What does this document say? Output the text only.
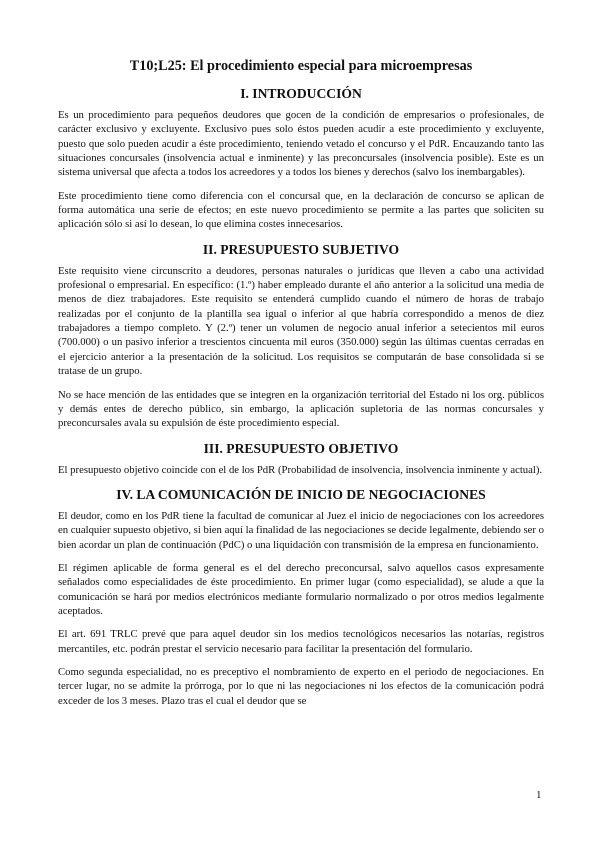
T10;L25: El procedimiento especial para microempresas
I. INTRODUCCIÓN

Es un procedimiento para pequeños deudores que gocen de la condición de empresarios o profesionales, de carácter exclusivo y excluyente. Exclusivo pues solo éstos pueden acudir a este procedimiento y excluyente, puesto que solo pueden acudir a éste procedimiento, teniendo vetado el concurso y el PdR. Encauzando tanto las situaciones concursales (insolvencia actual e inminente) y las preconcursales (insolvencia posible). Este es un sistema universal que afecta a todos los acreedores y a todos los bienes y derechos (salvo los inembargables).

Este procedimiento tiene como diferencia con el concursal que, en la declaración de concurso se aplican de forma automática una serie de efectos; en este nuevo procedimiento se permite a las partes que soliciten su aplicación sólo si así lo desean, lo que elimina costes innecesarios.

II. PRESUPUESTO SUBJETIVO

Este requisito viene circunscrito a deudores, personas naturales o jurídicas que lleven a cabo una actividad profesional o empresarial. En específico: (1.º) haber empleado durante el año anterior a la solicitud una media de menos de diez trabajadores. Este requisito se entenderá cumplido cuando el número de horas de trabajo realizadas por el conjunto de la plantilla sea igual o inferior al que habría correspondido a menos de diez trabajadores a tiempo completo. Y (2.º) tener un volumen de negocio anual inferior a setecientos mil euros (700.000) o un pasivo inferior a trescientos cincuenta mil euros (350.000) según las últimas cuentas cerradas en el ejercicio anterior a la presentación de la solicitud. Los requisitos se computarán de base consolidada si se tratase de un grupo.

No se hace mención de las entidades que se integren en la organización territorial del Estado ni los org. públicos y demás entes de derecho público, sin embargo, la aplicación supletoria de las normas concursales y preconcursales avala su expulsión de éste procedimiento especial.

III. PRESUPUESTO OBJETIVO

El presupuesto objetivo coincide con el de los PdR (Probabilidad de insolvencia, insolvencia inminente y actual).

IV. LA COMUNICACIÓN DE INICIO DE NEGOCIACIONES

El deudor, como en los PdR tiene la facultad de comunicar al Juez el inicio de negociaciones con los acreedores en cualquier supuesto objetivo, si bien aquí la finalidad de las negociaciones se decide legalmente, debiendo ser o bien acordar un plan de continuación (PdC) o una liquidación con transmisión de la empresa en funcionamiento.

El régimen aplicable de forma general es el del derecho preconcursal, salvo aquellos casos expresamente señalados como especialidades de éste procedimiento. En primer lugar (como especialidad), se alude a que la comunicación se hará por medios electrónicos mediante formulario normalizado o por otros medios legalmente aceptados.

El art. 691 TRLC prevé que para aquel deudor sin los medios tecnológicos necesarios las notarías, registros mercantiles, etc. podrán prestar el servicio necesario para facilitar la presentación del formulario.

Como segunda especialidad, no es preceptivo el nombramiento de experto en el periodo de negociaciones. En tercer lugar, no se admite la prórroga, por lo que ni las negociaciones ni los efectos de la comunicación podrá exceder de los 3 meses. Plazo tras el cual el deudor que se

1
